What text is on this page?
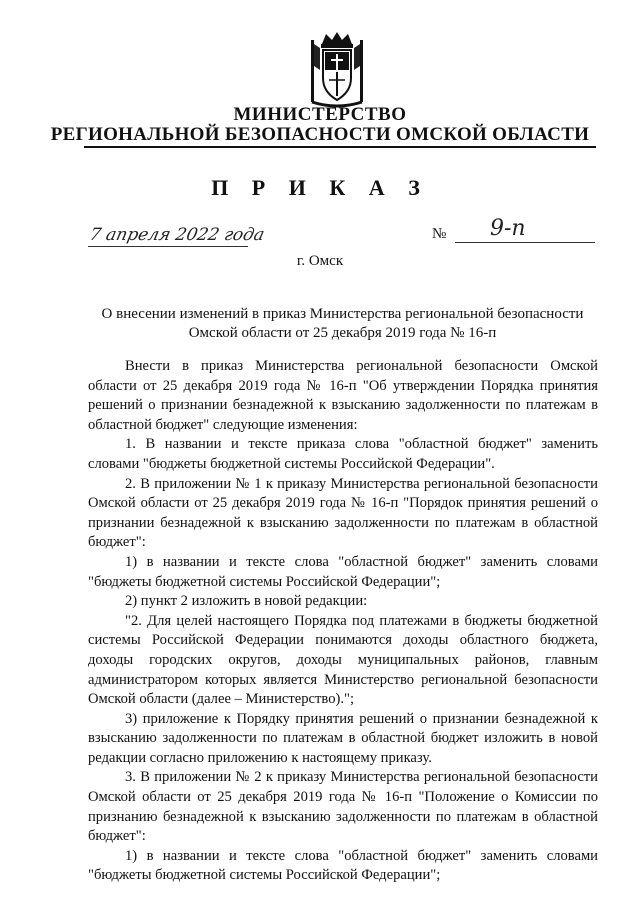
МИНИСТЕРСТВО
РЕГИОНАЛЬНОЙ БЕЗОПАСНОСТИ ОМСКОЙ ОБЛАСТИ
П Р И К А З
7 апреля 2022 года	№ 9-п
г. Омск
О внесении изменений в приказ Министерства региональной безопасности
Омской области от 25 декабря 2019 года № 16-п

Внести в приказ Министерства региональной безопасности Омской области от 25 декабря 2019 года № 16-п "Об утверждении Порядка принятия решений о признании безнадежной к взысканию задолженности по платежам в областной бюджет" следующие изменения:

1. В названии и тексте приказа слова "областной бюджет" заменить словами "бюджеты бюджетной системы Российской Федерации".

2. В приложении № 1 к приказу Министерства региональной безопасности Омской области от 25 декабря 2019 года № 16-п "Порядок принятия решений о признании безнадежной к взысканию задолженности по платежам в областной бюджет":

1) в названии и тексте слова "областной бюджет" заменить словами "бюджеты бюджетной системы Российской Федерации";

2) пункт 2 изложить в новой редакции:

"2. Для целей настоящего Порядка под платежами в бюджеты бюджетной системы Российской Федерации понимаются доходы областного бюджета, доходы городских округов, доходы муниципальных районов, главным администратором которых является Министерство региональной безопасности Омской области (далее – Министерство).";

3) приложение к Порядку принятия решений о признании безнадежной к взысканию задолженности по платежам в областной бюджет изложить в новой редакции согласно приложению к настоящему приказу.

3. В приложении № 2 к приказу Министерства региональной безопасности Омской области от 25 декабря 2019 года № 16-п "Положение о Комиссии по признанию безнадежной к взысканию задолженности по платежам в областной бюджет":

1) в названии и тексте слова "областной бюджет" заменить словами "бюджеты бюджетной системы Российской Федерации";
